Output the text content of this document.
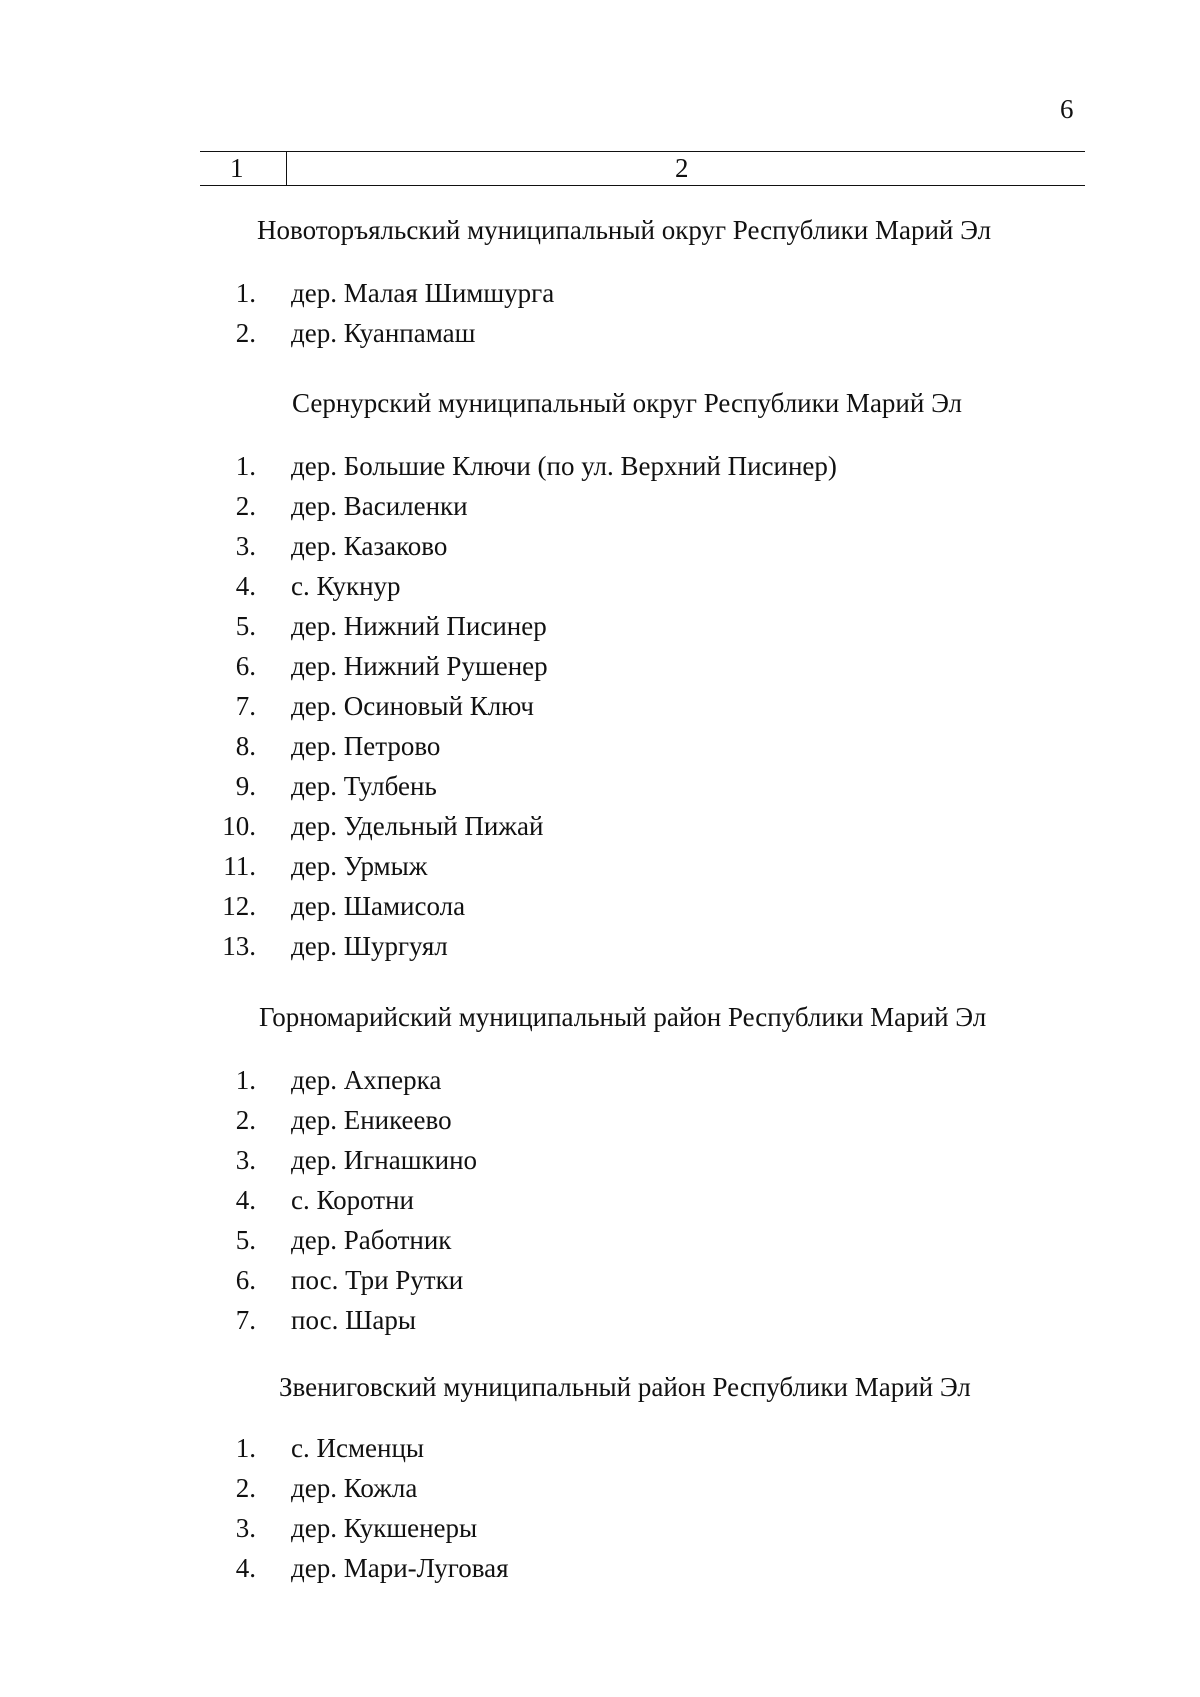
6
1	2
Новоторъяльский муниципальный округ Республики Марий Эл
1. дер. Малая Шимшурга
2. дер. Куанпамаш
Сернурский муниципальный округ Республики Марий Эл
1. дер. Большие Ключи (по ул. Верхний Писинер)
2. дер. Василенки
3. дер. Казаково
4. с. Кукнур
5. дер. Нижний Писинер
6. дер. Нижний Рушенер
7. дер. Осиновый Ключ
8. дер. Петрово
9. дер. Тулбень
10. дер. Удельный Пижай
11. дер. Урмыж
12. дер. Шамисола
13. дер. Шургуял
Горномарийский муниципальный район Республики Марий Эл
1. дер. Ахперка
2. дер. Еникеево
3. дер. Игнашкино
4. с. Коротни
5. дер. Работник
6. пос. Три Рутки
7. пос. Шары
Звениговский муниципальный район Республики Марий Эл
1. с. Исменцы
2. дер. Кожла
3. дер. Кукшенеры
4. дер. Мари-Луговая
